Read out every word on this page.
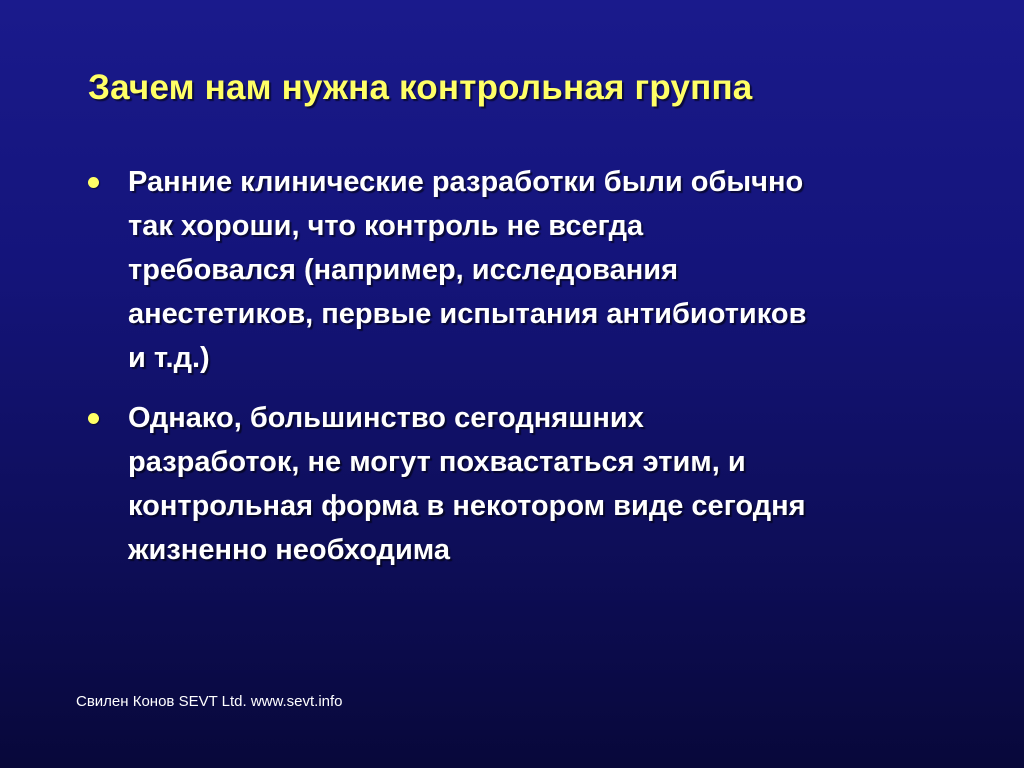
Зачем нам нужна контрольная группа
Ранние клинические разработки были обычно
так хороши, что контроль не всегда
требовался (например, исследования
анестетиков, первые испытания антибиотиков
и т.д.)
Однако, большинство сегодняшних
разработок, не могут похвастаться этим, и
контрольная форма в некотором виде сегодня
жизненно необходима
Свилен Конов SEVT Ltd. www.sevt.info
